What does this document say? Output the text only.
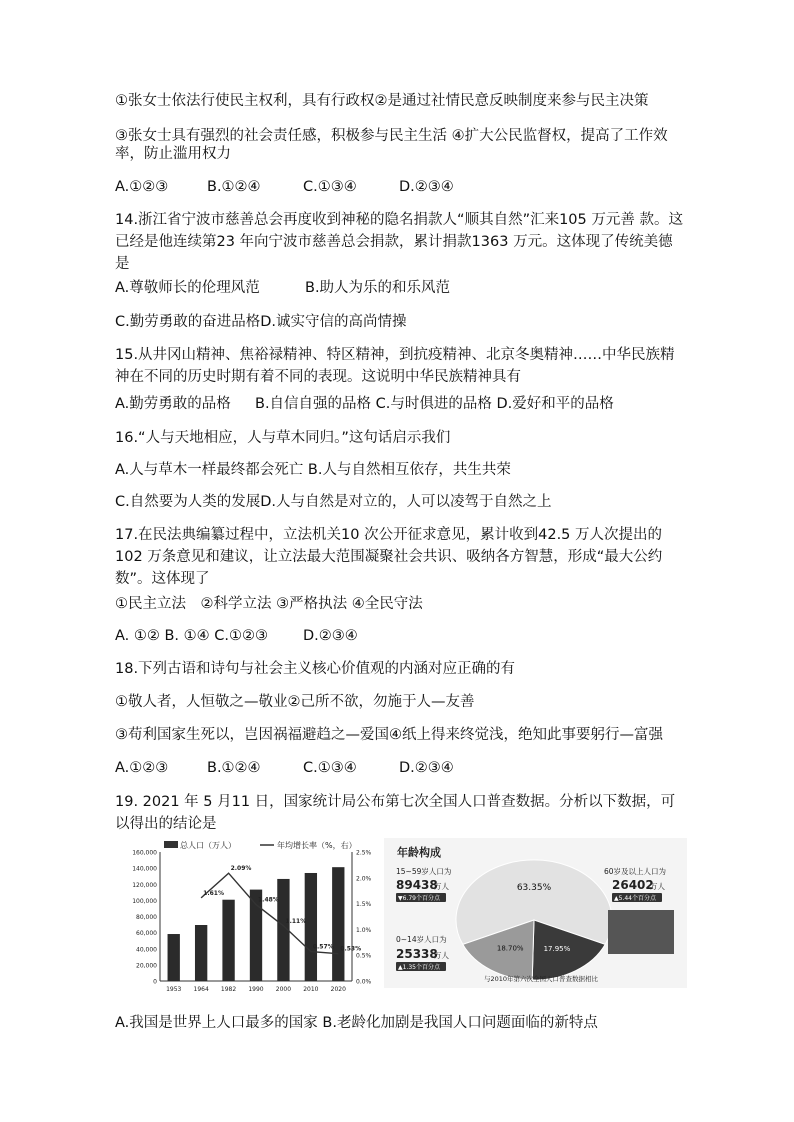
①张女士依法行使民主权利，具有行政权②是通过社情民意反映制度来参与民主决策
③张女士具有强烈的社会责任感，积极参与民主生活 ④扩大公民监督权，提高了工作效
率，防止滥用权力
A.①②③	B.①②④	C.①③④	D.②③④
14.浙江省宁波市慈善总会再度收到神秘的隐名捐款人“顺其自然”汇来105 万元善 款。这已经是他连续第23 年向宁波市慈善总会捐款，累计捐款1363 万元。这体现了传统美德是
A.尊敬师长的伦理风范	B.助人为乐的和乐风范
C.勤劳勇敢的奋进品格D.诚实守信的高尚情操
15.从井冈山精神、焦裕禄精神、特区精神，到抗疫精神、北京冬奥精神……中华民族精神在不同的历史时期有着不同的表现。这说明中华民族精神具有
A.勤劳勇敢的品格 B.自信自强的品格 C.与时俱进的品格 D.爱好和平的品格
16.“人与天地相应，人与草木同归。”这句话启示我们
A.人与草木一样最终都会死亡 B.人与自然相互依存，共生共荣
C.自然要为人类的发展D.人与自然是对立的，人可以凌驾于自然之上
17.在民法典编纂过程中，立法机关10 次公开征求意见，累计收到42.5 万人次提出的102 万条意见和建议，让立法最大范围凝聚社会共识、吸纳各方智慧，形成“最大公约数”。这体现了
①民主立法　②科学立法 ③严格执法 ④全民守法
A. ①② B. ①④ C.①②③ D.②③④
18.下列古语和诗句与社会主义核心价值观的内涵对应正确的有
①敬人者，人恒敬之—敬业②己所不欲，勿施于人—友善
③苟利国家生死以，岂因祸福避趋之—爱国④纸上得来终觉浅，绝知此事要躬行—富强
A.①②③	B.①②④	C.①③④	D.②③④
19. 2021 年 5 月11 日，国家统计局公布第七次全国人口普查数据。分析以下数据，可以得出的结论是
总人口（万人）	年均增长率（%，右）
0
20,000
40,000
60,000
80,000
100,000
120,000
140,000
160,000
0.0%
0.5%
1.0%
1.5%
2.0%
2.5%
1953 1964 1982 1990 2000 2010 2020
1.61%
2.09%
1.48%
1.11%
0.57% 0.53%
年龄构成
63.35%
17.95%
18.70%
15~59岁人口为
89438
万人
▼6.79个百分点
60岁及以上人口为
26402
万人
▲5.44个百分点
0~14岁人口为
25338
万人
▲1.35个百分点
与2010年第六次全国人口普查数据相比
A.我国是世界上人口最多的国家 B.老龄化加剧是我国人口问题面临的新特点
